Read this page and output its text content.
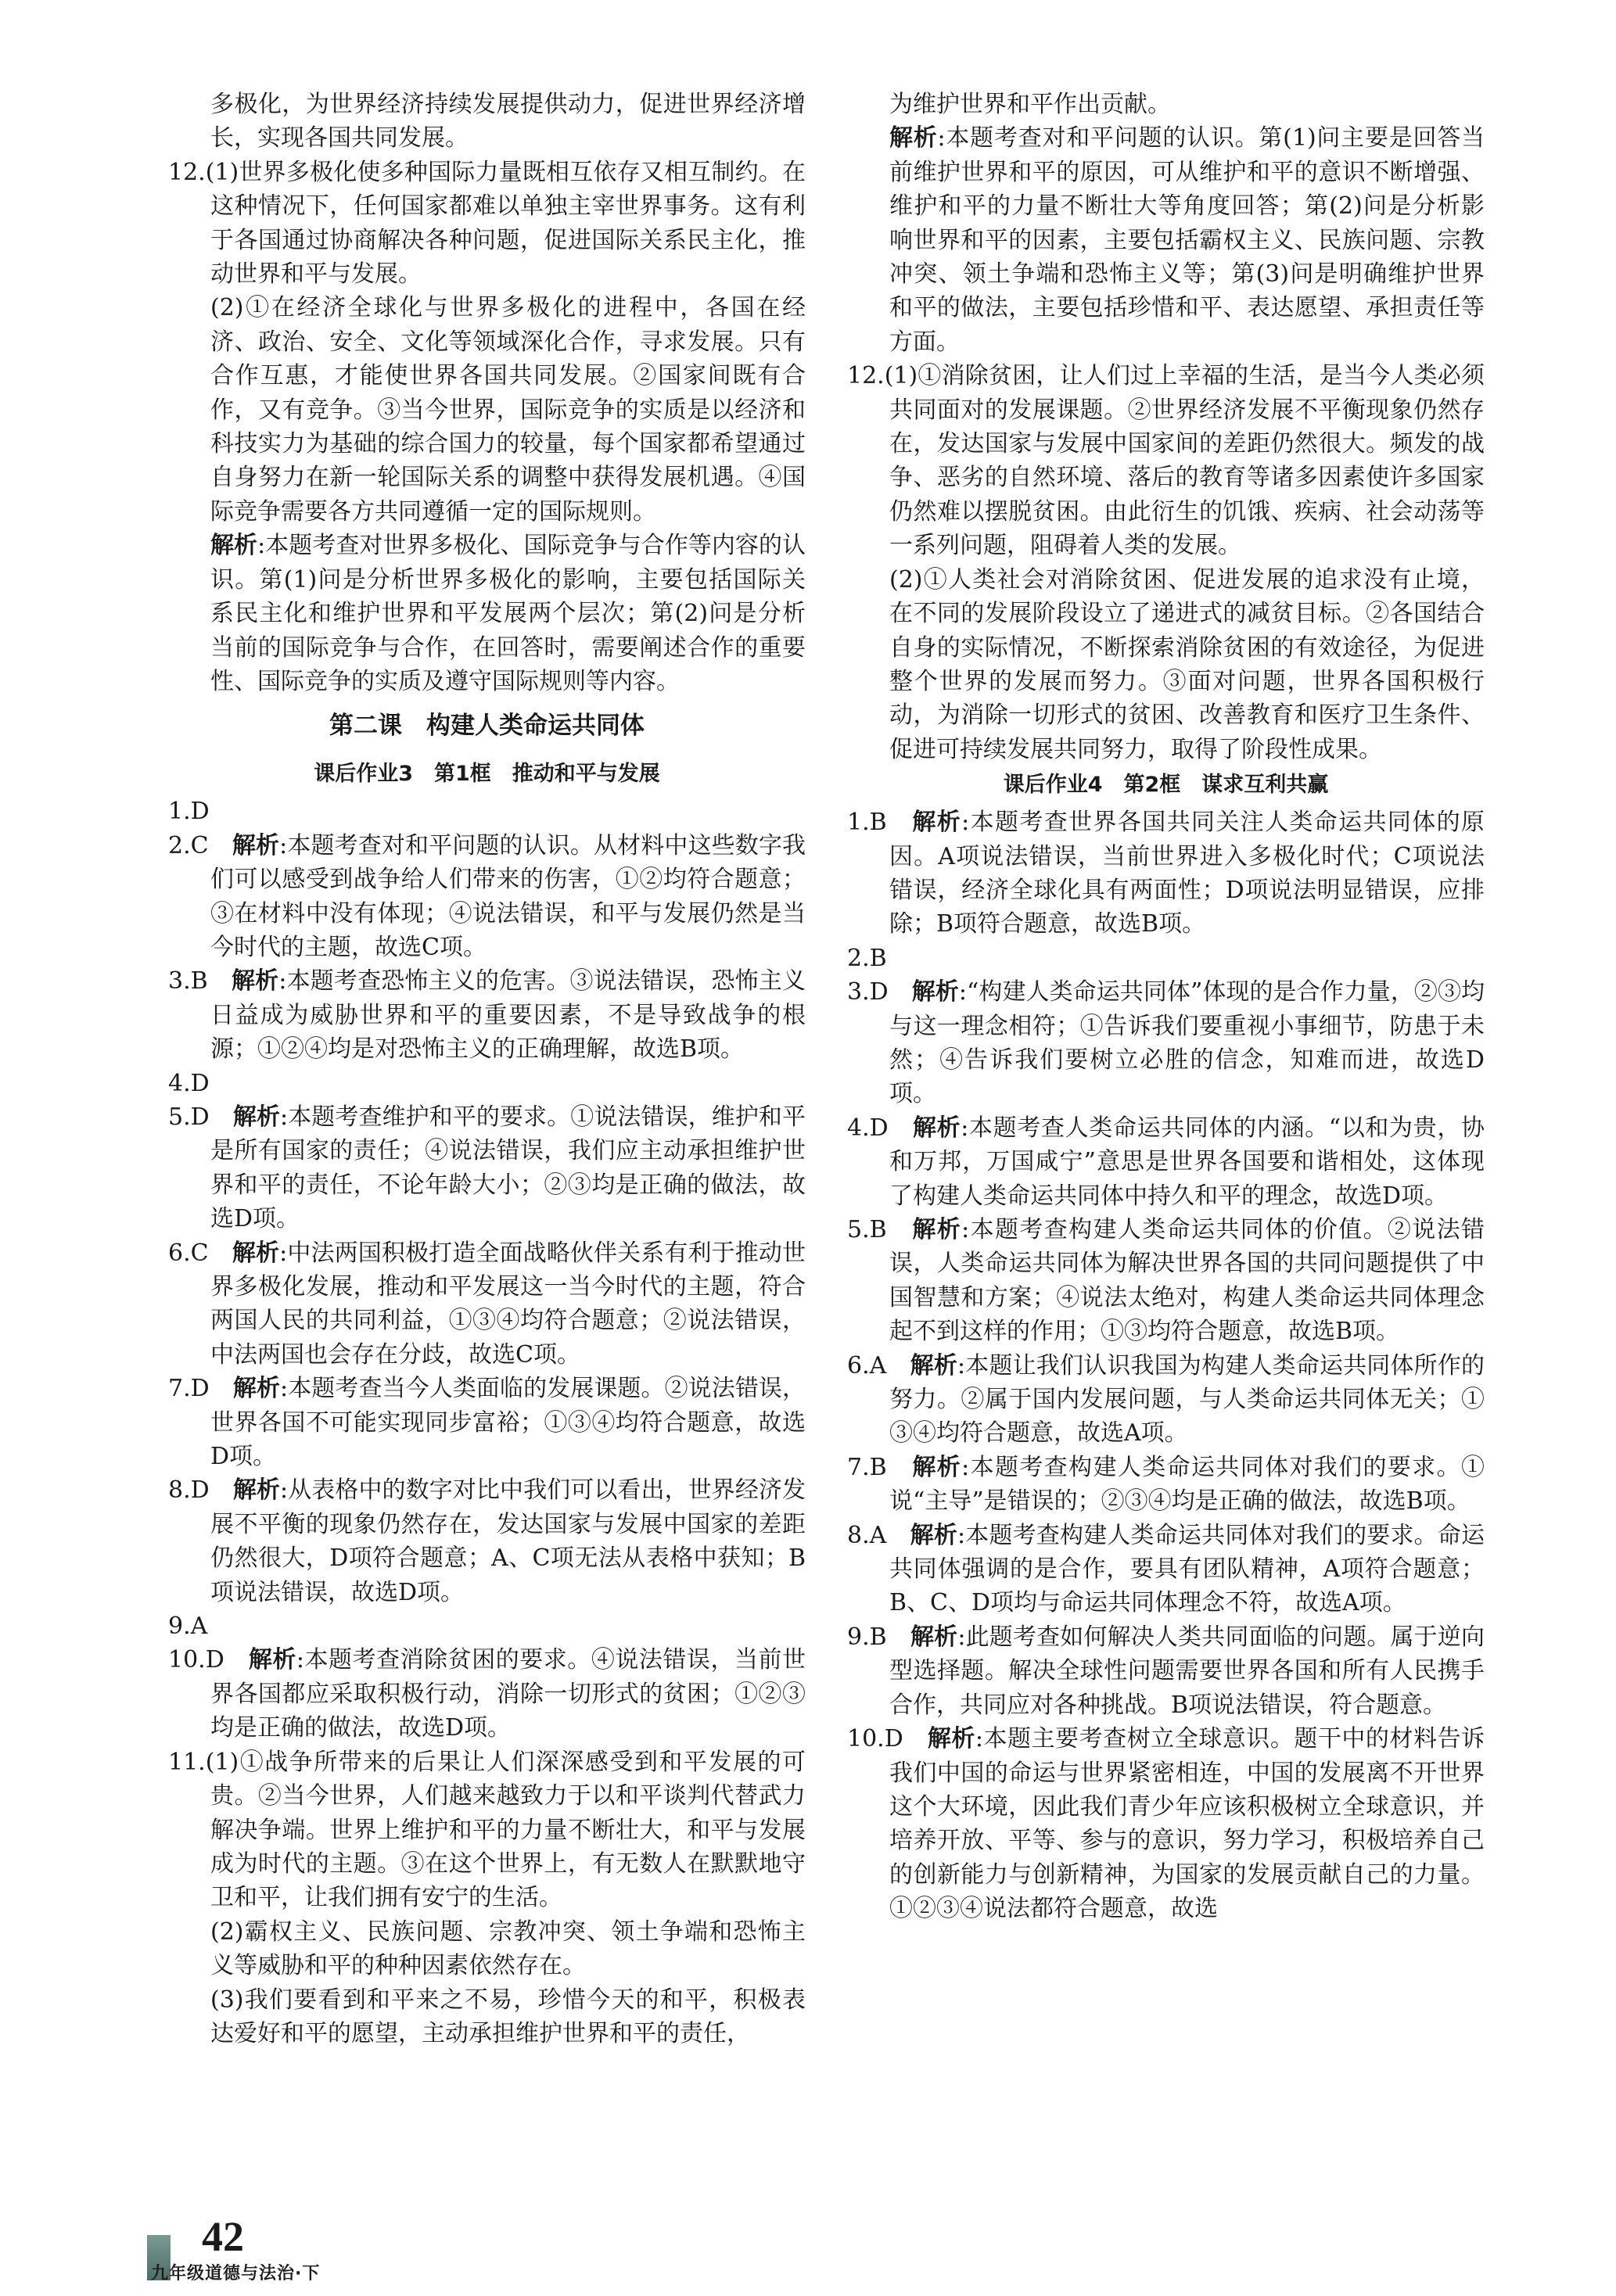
多极化，为世界经济持续发展提供动力，促进世界经济增长，实现各国共同发展。

12.(1)世界多极化使多种国际力量既相互依存又相互制约。在这种情况下，任何国家都难以单独主宰世界事务。这有利于各国通过协商解决各种问题，促进国际关系民主化，推动世界和平与发展。

(2)①在经济全球化与世界多极化的进程中，各国在经济、政治、安全、文化等领域深化合作，寻求发展。只有合作互惠，才能使世界各国共同发展。②国家间既有合作，又有竞争。③当今世界，国际竞争的实质是以经济和科技实力为基础的综合国力的较量，每个国家都希望通过自身努力在新一轮国际关系的调整中获得发展机遇。④国际竞争需要各方共同遵循一定的国际规则。

解析:本题考查对世界多极化、国际竞争与合作等内容的认识。第(1)问是分析世界多极化的影响，主要包括国际关系民主化和维护世界和平发展两个层次；第(2)问是分析当前的国际竞争与合作，在回答时，需要阐述合作的重要性、国际竞争的实质及遵守国际规则等内容。

第二课　构建人类命运共同体
课后作业3　第1框　推动和平与发展

1.D

2.C　解析:本题考查对和平问题的认识。从材料中这些数字我们可以感受到战争给人们带来的伤害，①②均符合题意；③在材料中没有体现；④说法错误，和平与发展仍然是当今时代的主题，故选C项。

3.B　解析:本题考查恐怖主义的危害。③说法错误，恐怖主义日益成为威胁世界和平的重要因素，不是导致战争的根源；①②④均是对恐怖主义的正确理解，故选B项。

4.D

5.D　解析:本题考查维护和平的要求。①说法错误，维护和平是所有国家的责任；④说法错误，我们应主动承担维护世界和平的责任，不论年龄大小；②③均是正确的做法，故选D项。

6.C　解析:中法两国积极打造全面战略伙伴关系有利于推动世界多极化发展，推动和平发展这一当今时代的主题，符合两国人民的共同利益，①③④均符合题意；②说法错误，中法两国也会存在分歧，故选C项。

7.D　解析:本题考查当今人类面临的发展课题。②说法错误，世界各国不可能实现同步富裕；①③④均符合题意，故选D项。

8.D　解析:从表格中的数字对比中我们可以看出，世界经济发展不平衡的现象仍然存在，发达国家与发展中国家的差距仍然很大，D项符合题意；A、C项无法从表格中获知；B项说法错误，故选D项。

9.A

10.D　解析:本题考查消除贫困的要求。④说法错误，当前世界各国都应采取积极行动，消除一切形式的贫困；①②③均是正确的做法，故选D项。

11.(1)①战争所带来的后果让人们深深感受到和平发展的可贵。②当今世界，人们越来越致力于以和平谈判代替武力解决争端。世界上维护和平的力量不断壮大，和平与发展成为时代的主题。③在这个世界上，有无数人在默默地守卫和平，让我们拥有安宁的生活。

(2)霸权主义、民族问题、宗教冲突、领土争端和恐怖主义等威胁和平的种种因素依然存在。

(3)我们要看到和平来之不易，珍惜今天的和平，积极表达爱好和平的愿望，主动承担维护世界和平的责任，

为维护世界和平作出贡献。

解析:本题考查对和平问题的认识。第(1)问主要是回答当前维护世界和平的原因，可从维护和平的意识不断增强、维护和平的力量不断壮大等角度回答；第(2)问是分析影响世界和平的因素，主要包括霸权主义、民族问题、宗教冲突、领土争端和恐怖主义等；第(3)问是明确维护世界和平的做法，主要包括珍惜和平、表达愿望、承担责任等方面。

12.(1)①消除贫困，让人们过上幸福的生活，是当今人类必须共同面对的发展课题。②世界经济发展不平衡现象仍然存在，发达国家与发展中国家间的差距仍然很大。频发的战争、恶劣的自然环境、落后的教育等诸多因素使许多国家仍然难以摆脱贫困。由此衍生的饥饿、疾病、社会动荡等一系列问题，阻碍着人类的发展。

(2)①人类社会对消除贫困、促进发展的追求没有止境，在不同的发展阶段设立了递进式的减贫目标。②各国结合自身的实际情况，不断探索消除贫困的有效途径，为促进整个世界的发展而努力。③面对问题，世界各国积极行动，为消除一切形式的贫困、改善教育和医疗卫生条件、促进可持续发展共同努力，取得了阶段性成果。

课后作业4　第2框　谋求互利共赢

1.B　解析:本题考查世界各国共同关注人类命运共同体的原因。A项说法错误，当前世界进入多极化时代；C项说法错误，经济全球化具有两面性；D项说法明显错误，应排除；B项符合题意，故选B项。

2.B

3.D　解析:“构建人类命运共同体”体现的是合作力量，②③均与这一理念相符；①告诉我们要重视小事细节，防患于未然；④告诉我们要树立必胜的信念，知难而进，故选D项。

4.D　解析:本题考查人类命运共同体的内涵。“以和为贵，协和万邦，万国咸宁”意思是世界各国要和谐相处，这体现了构建人类命运共同体中持久和平的理念，故选D项。

5.B　解析:本题考查构建人类命运共同体的价值。②说法错误，人类命运共同体为解决世界各国的共同问题提供了中国智慧和方案；④说法太绝对，构建人类命运共同体理念起不到这样的作用；①③均符合题意，故选B项。

6.A　解析:本题让我们认识我国为构建人类命运共同体所作的努力。②属于国内发展问题，与人类命运共同体无关；①③④均符合题意，故选A项。

7.B　解析:本题考查构建人类命运共同体对我们的要求。①说“主导”是错误的；②③④均是正确的做法，故选B项。

8.A　解析:本题考查构建人类命运共同体对我们的要求。命运共同体强调的是合作，要具有团队精神，A项符合题意；B、C、D项均与命运共同体理念不符，故选A项。

9.B　解析:此题考查如何解决人类共同面临的问题。属于逆向型选择题。解决全球性问题需要世界各国和所有人民携手合作，共同应对各种挑战。B项说法错误，符合题意。

10.D　解析:本题主要考查树立全球意识。题干中的材料告诉我们中国的命运与世界紧密相连，中国的发展离不开世界这个大环境，因此我们青少年应该积极树立全球意识，并培养开放、平等、参与的意识，努力学习，积极培养自己的创新能力与创新精神，为国家的发展贡献自己的力量。①②③④说法都符合题意，故选

42
九年级道德与法治·下
